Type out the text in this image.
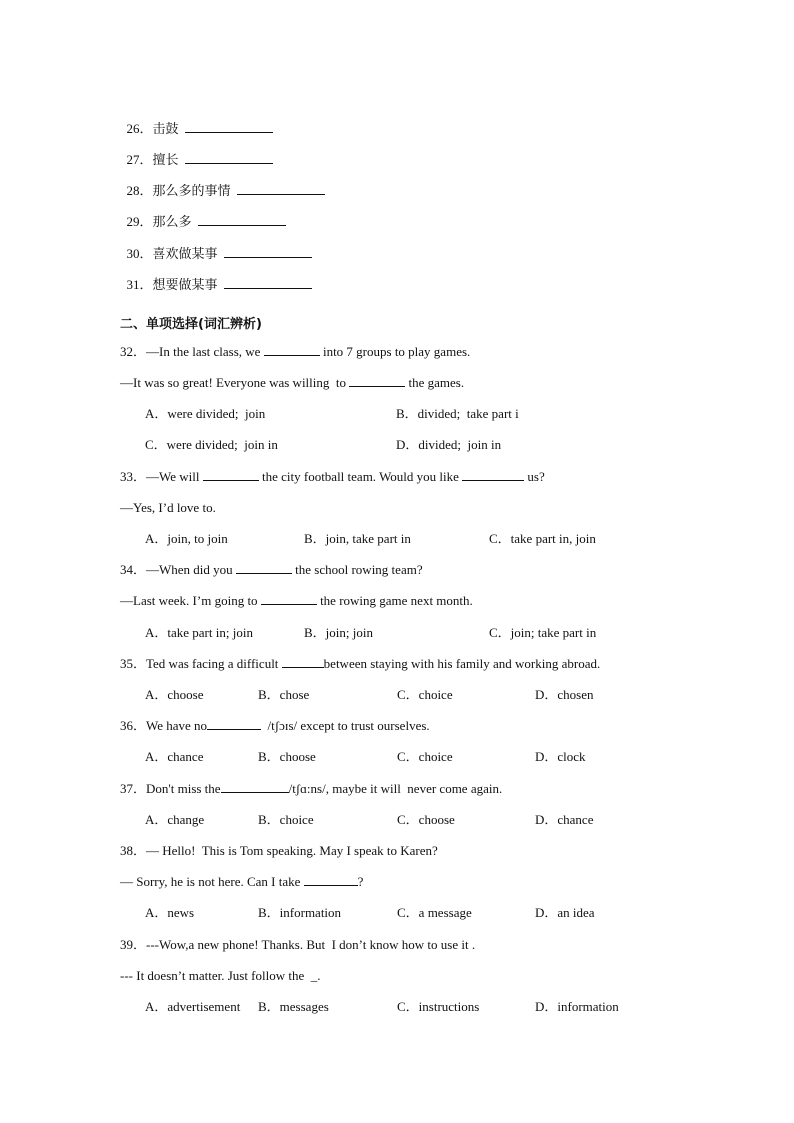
26．击鼓

27．擅长

28．那么多的事情

29．那么多

30．喜欢做某事

31．想要做某事

二、单项选择(词汇辨析)
32．—In the last class, we	into 7 groups to play games.
—It was so great! Everyone was willing  to	the games.
A．were divided;  join	B．divided;  take part i
C．were divided;  join in	D．divided;  join in
33．—We will	the city football team. Would you like	us?
—Yes, I’d love to.
A．join, to join	B．join, take part in	C．take part in, join
34．—When did you	the school rowing team?
—Last week. I’m going to	the rowing game next month.
A．take part in; join	B．join; join	C．join; take part in
35．Ted was facing a difficult	between staying with his family and working abroad.
A．choose	B．chose	C．choice	D．chosen
36．We have no	/tʃɔɪs/ except to trust ourselves.
A．chance	B．choose	C．choice	D．clock
37．Don't miss the	/tʃɑ:ns/, maybe it will  never come again.
A．change	B．choice	C．choose	D．chance
38．— Hello!  This is Tom speaking. May I speak to Karen?
— Sorry, he is not here. Can I take	?
A．news	B．information	C．a message	D．an idea
39．---Wow,a new phone! Thanks. But  I don’t know how to use it .
--- It doesn’t matter. Just follow the  _.
A．advertisement B．messages	C．instructions	D．information
